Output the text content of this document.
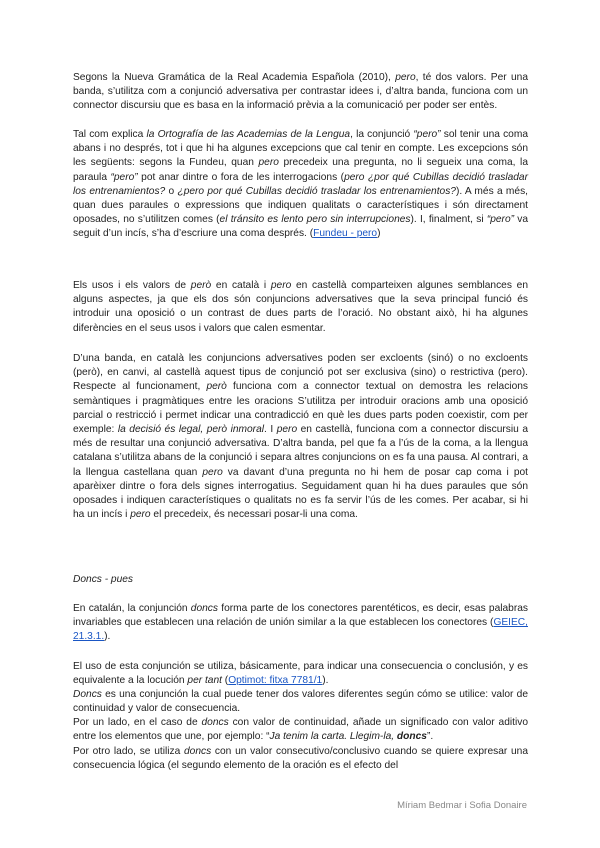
Segons la Nueva Gramática de la Real Academia Española (2010), pero, té dos valors. Per una banda, s’utilitza com a conjunció adversativa per contrastar idees i, d’altra banda, funciona com un connector discursiu que es basa en la informació prèvia a la comunicació per poder ser entès.

Tal com explica la Ortografía de las Academias de la Lengua, la conjunció “pero” sol tenir una coma abans i no després, tot i que hi ha algunes excepcions que cal tenir en compte. Les excepcions són les següents: segons la Fundeu, quan pero precedeix una pregunta, no li segueix una coma, la paraula “pero” pot anar dintre o fora de les interrogacions (pero ¿por qué Cubillas decidió trasladar los entrenamientos? o ¿pero por qué Cubillas decidió trasladar los entrenamientos?). A més a més, quan dues paraules o expressions que indiquen qualitats o característiques i són directament oposades, no s’utilitzen comes (el tránsito es lento pero sin interrupciones). I, finalment, si “pero” va seguit d’un incís, s’ha d’escriure una coma després. (Fundeu - pero)

Els usos i els valors de però en català i pero en castellà comparteixen algunes semblances en alguns aspectes, ja que els dos són conjuncions adversatives que la seva principal funció és introduir una oposició o un contrast de dues parts de l’oració. No obstant això, hi ha algunes diferències en el seus usos i valors que calen esmentar.

D’una banda, en català les conjuncions adversatives poden ser excloents (sinó) o no excloents (però), en canvi, al castellà aquest tipus de conjunció pot ser exclusiva (sino) o restrictiva (pero). Respecte al funcionament, però funciona com a connector textual on demostra les relacions semàntiques i pragmàtiques entre les oracions S’utilitza per introduir oracions amb una oposició parcial o restricció i permet indicar una contradicció en què les dues parts poden coexistir, com per exemple: la decisió és legal, però inmoral. I pero en castellà, funciona com a connector discursiu a més de resultar una conjunció adversativa. D’altra banda, pel que fa a l’ús de la coma, a la llengua catalana s’utilitza abans de la conjunció i separa altres conjuncions on es fa una pausa. Al contrari, a la llengua castellana quan pero va davant d’una pregunta no hi hem de posar cap coma i pot aparèixer dintre o fora dels signes interrogatius. Seguidament quan hi ha dues paraules que són oposades i indiquen característiques o qualitats no es fa servir l’ús de les comes. Per acabar, si hi ha un incís i pero el precedeix, és necessari posar-li una coma.

Doncs - pues

En catalán, la conjunción doncs forma parte de los conectores parentéticos, es decir, esas palabras invariables que establecen una relación de unión similar a la que establecen los conectores (GEIEC, 21.3.1.).

El uso de esta conjunción se utiliza, básicamente, para indicar una consecuencia o conclusión, y es equivalente a la locución per tant (Optimot: fitxa 7781/1).

Doncs es una conjunción la cual puede tener dos valores diferentes según cómo se utilice: valor de continuidad y valor de consecuencia.

Por un lado, en el caso de doncs con valor de continuidad, añade un significado con valor aditivo entre los elementos que une, por ejemplo: “Ja tenim la carta. Llegim-la, doncs”.

Por otro lado, se utiliza doncs con un valor consecutivo/conclusivo cuando se quiere expresar una consecuencia lógica (el segundo elemento de la oración es el efecto del

Míriam Bedmar i Sofia Donaire
